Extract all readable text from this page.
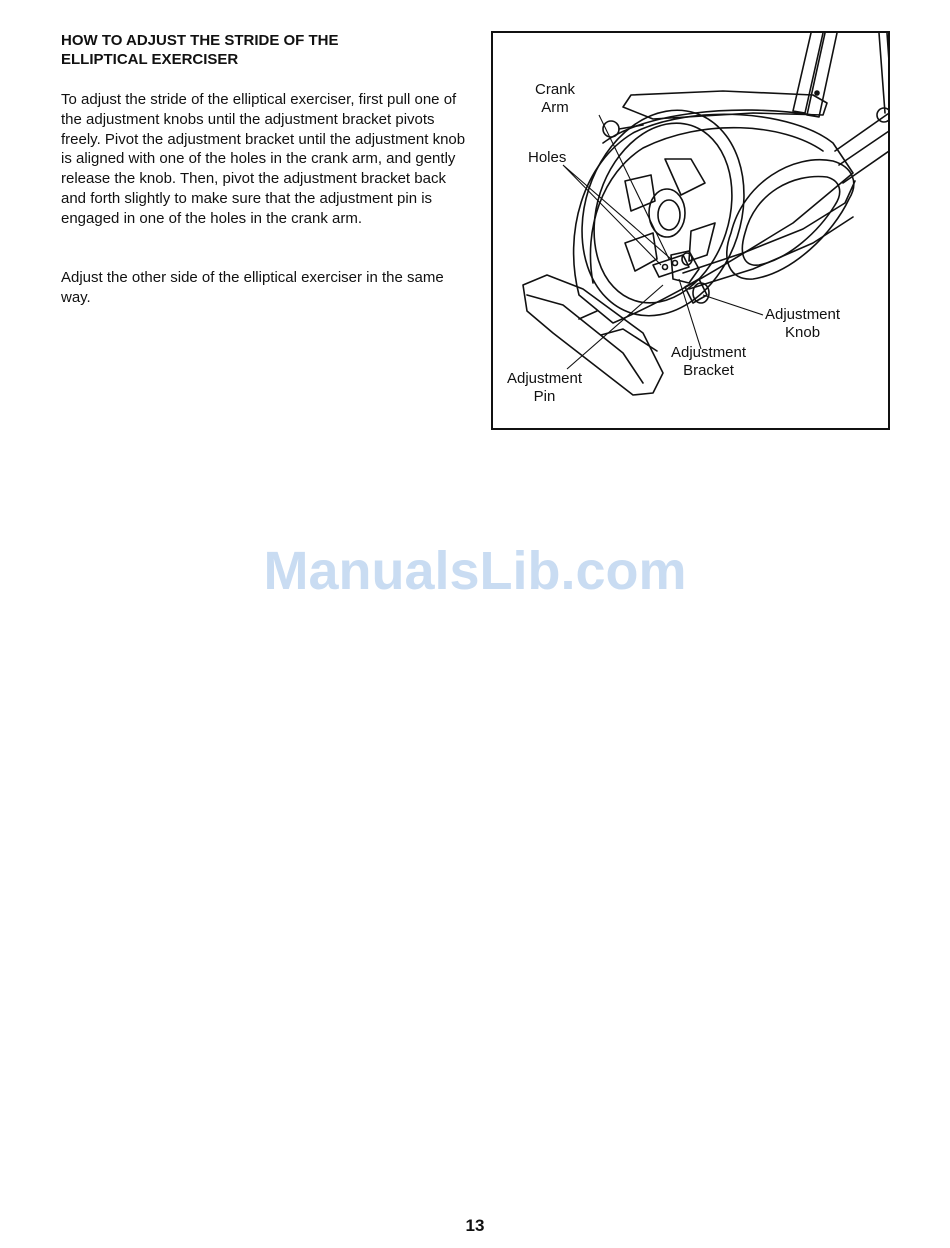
HOW TO ADJUST THE STRIDE OF THE
ELLIPTICAL EXERCISER

To adjust the stride of the elliptical exerciser, first pull one of the adjustment knobs until the adjustment bracket pivots freely. Pivot the adjustment bracket until the adjustment knob is aligned with one of the holes in the crank arm, and gently release the knob. Then, pivot the adjustment bracket back and forth slightly to make sure that the adjustment pin is engaged in one of the holes in the crank arm.

Adjust the other side of the elliptical exerciser in the same way.

Crank
Arm
Holes
Adjustment
Knob
Adjustment
Bracket
Adjustment
Pin
ManualsLib.com
13
